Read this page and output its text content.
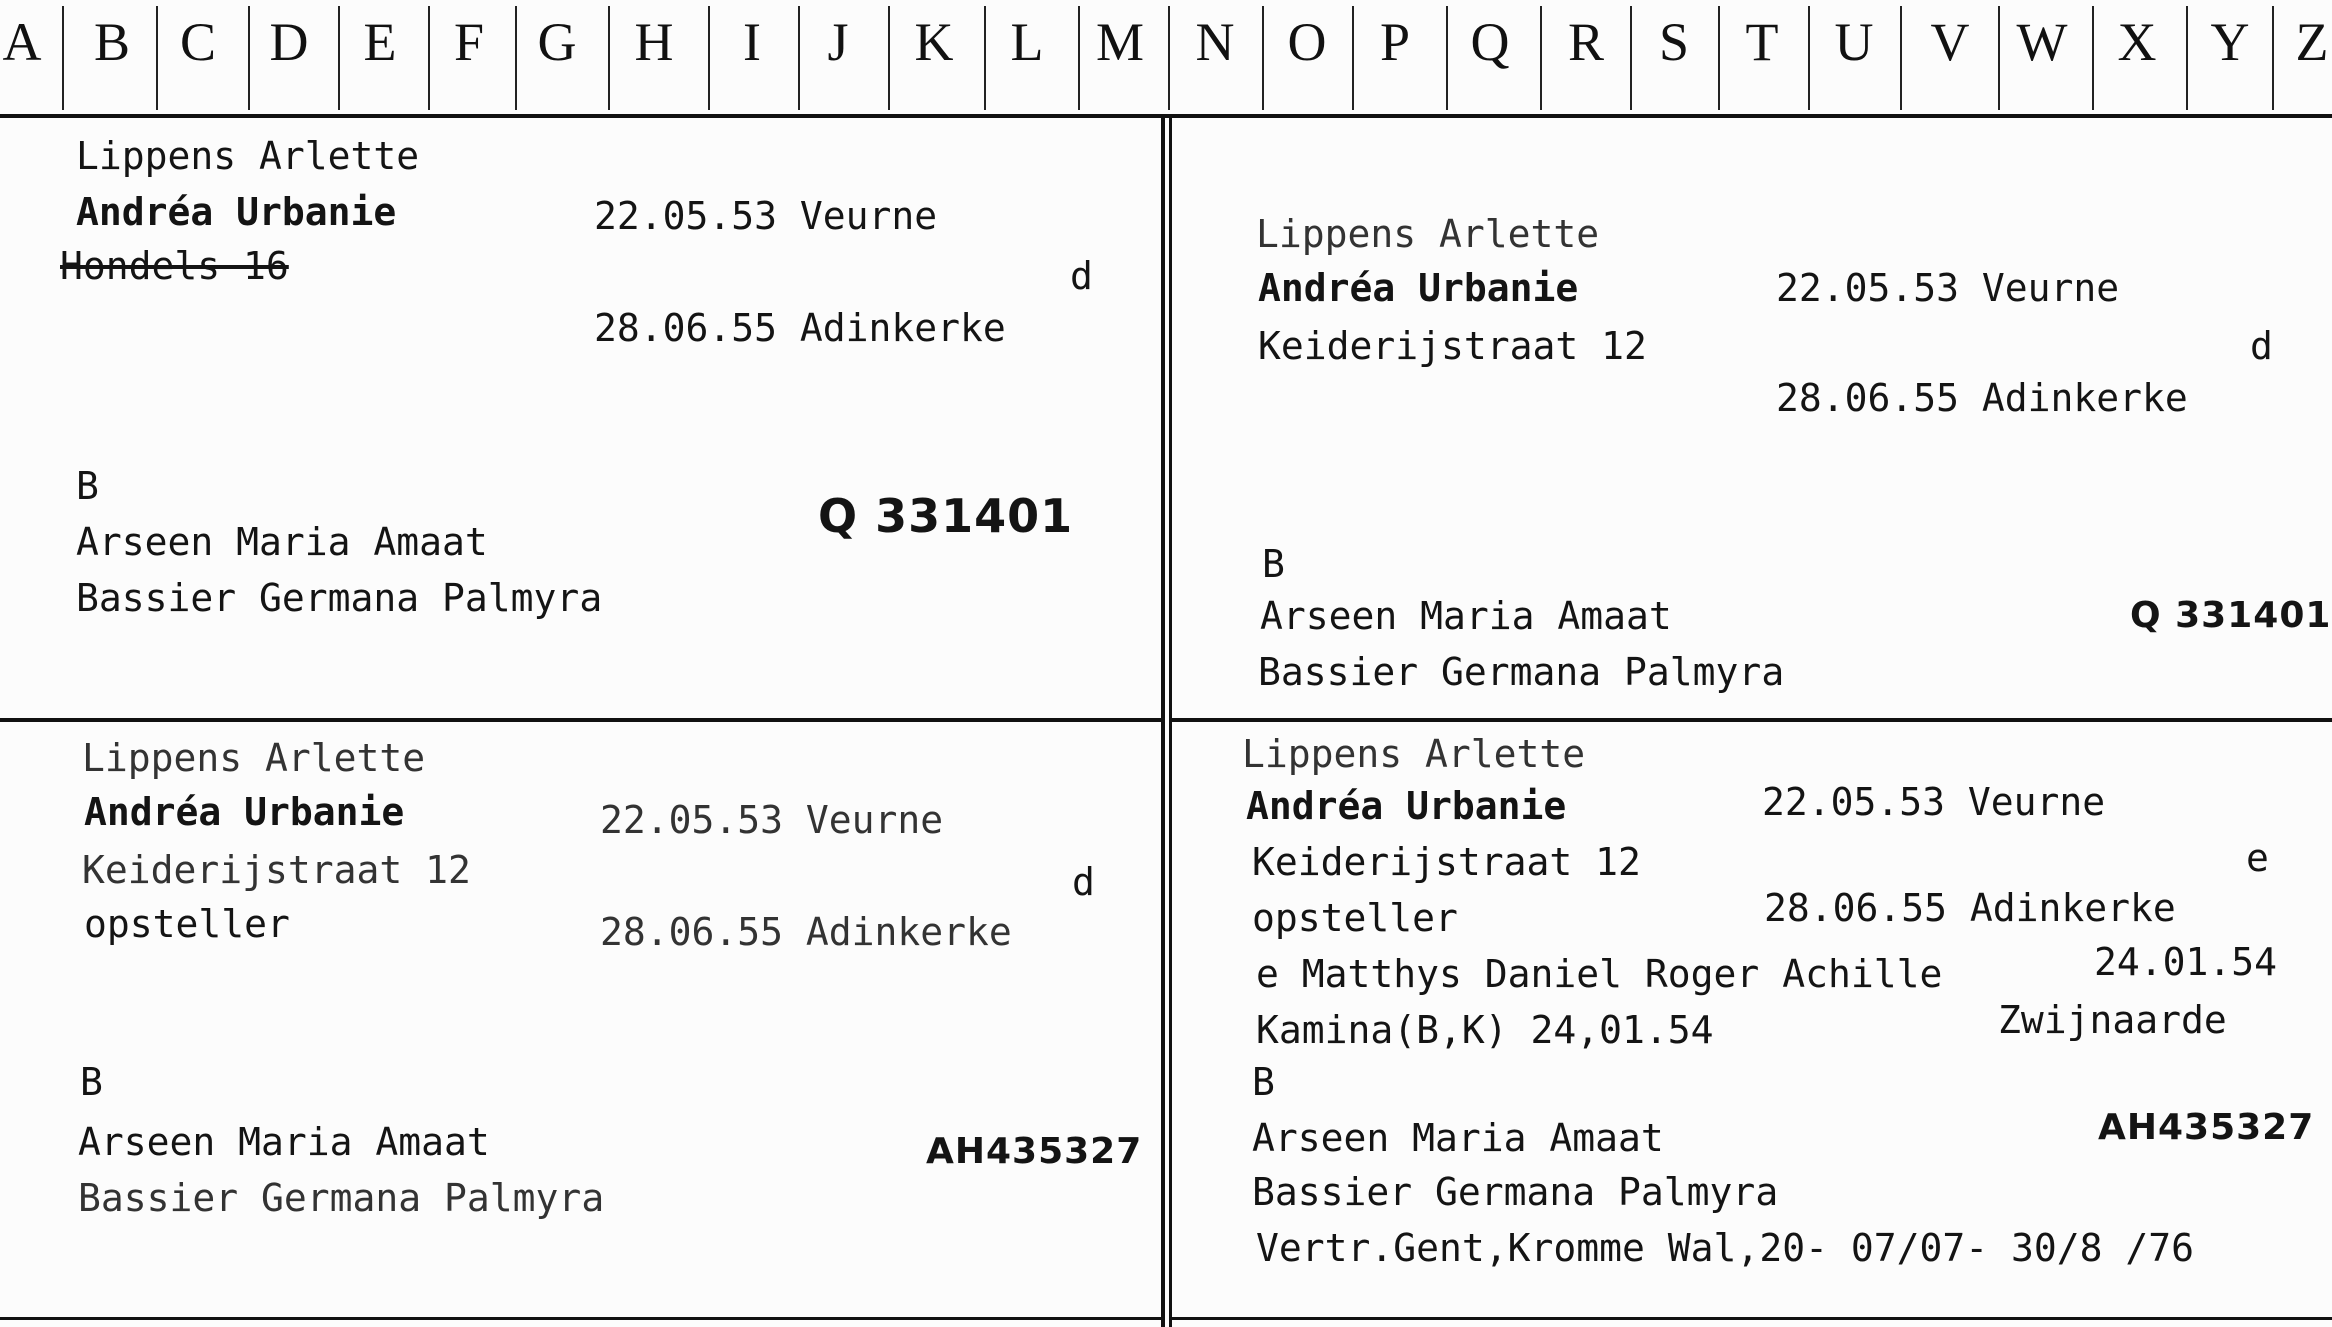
A B C D E	F G H	I	J	K L M N O P	Q R	S	T U V W X Y Z
Lippens Arlette
Andréa Urbanie	22.05.53 Veurne
Hondels 16	d
28.06.55 Adinkerke
B
Q 331401
Arseen Maria Amaat
Bassier Germana Palmyra
Lippens Arlette
Andréa Urbanie	22.05.53 Veurne
Keiderijstraat 12	d
28.06.55 Adinkerke
B
Arseen Maria Amaat	Q 331401
Bassier Germana Palmyra
Lippens Arlette
Andréa Urbanie	22.05.53 Veurne
Keiderijstraat 12	d
opsteller	28.06.55 Adinkerke
B
Arseen Maria Amaat	AH435327
Bassier Germana Palmyra
Lippens Arlette
Andréa Urbanie	22.05.53 Veurne
Keiderijstraat 12	e
opsteller	28.06.55 Adinkerke
e Matthys Daniel Roger Achille	24.01.54
Kamina(B,K) 24,01.54	Zwijnaarde
B
Arseen Maria Amaat	AH435327
Bassier Germana Palmyra
Vertr.Gent,Kromme Wal,20- 07/07- 30/8 /76
